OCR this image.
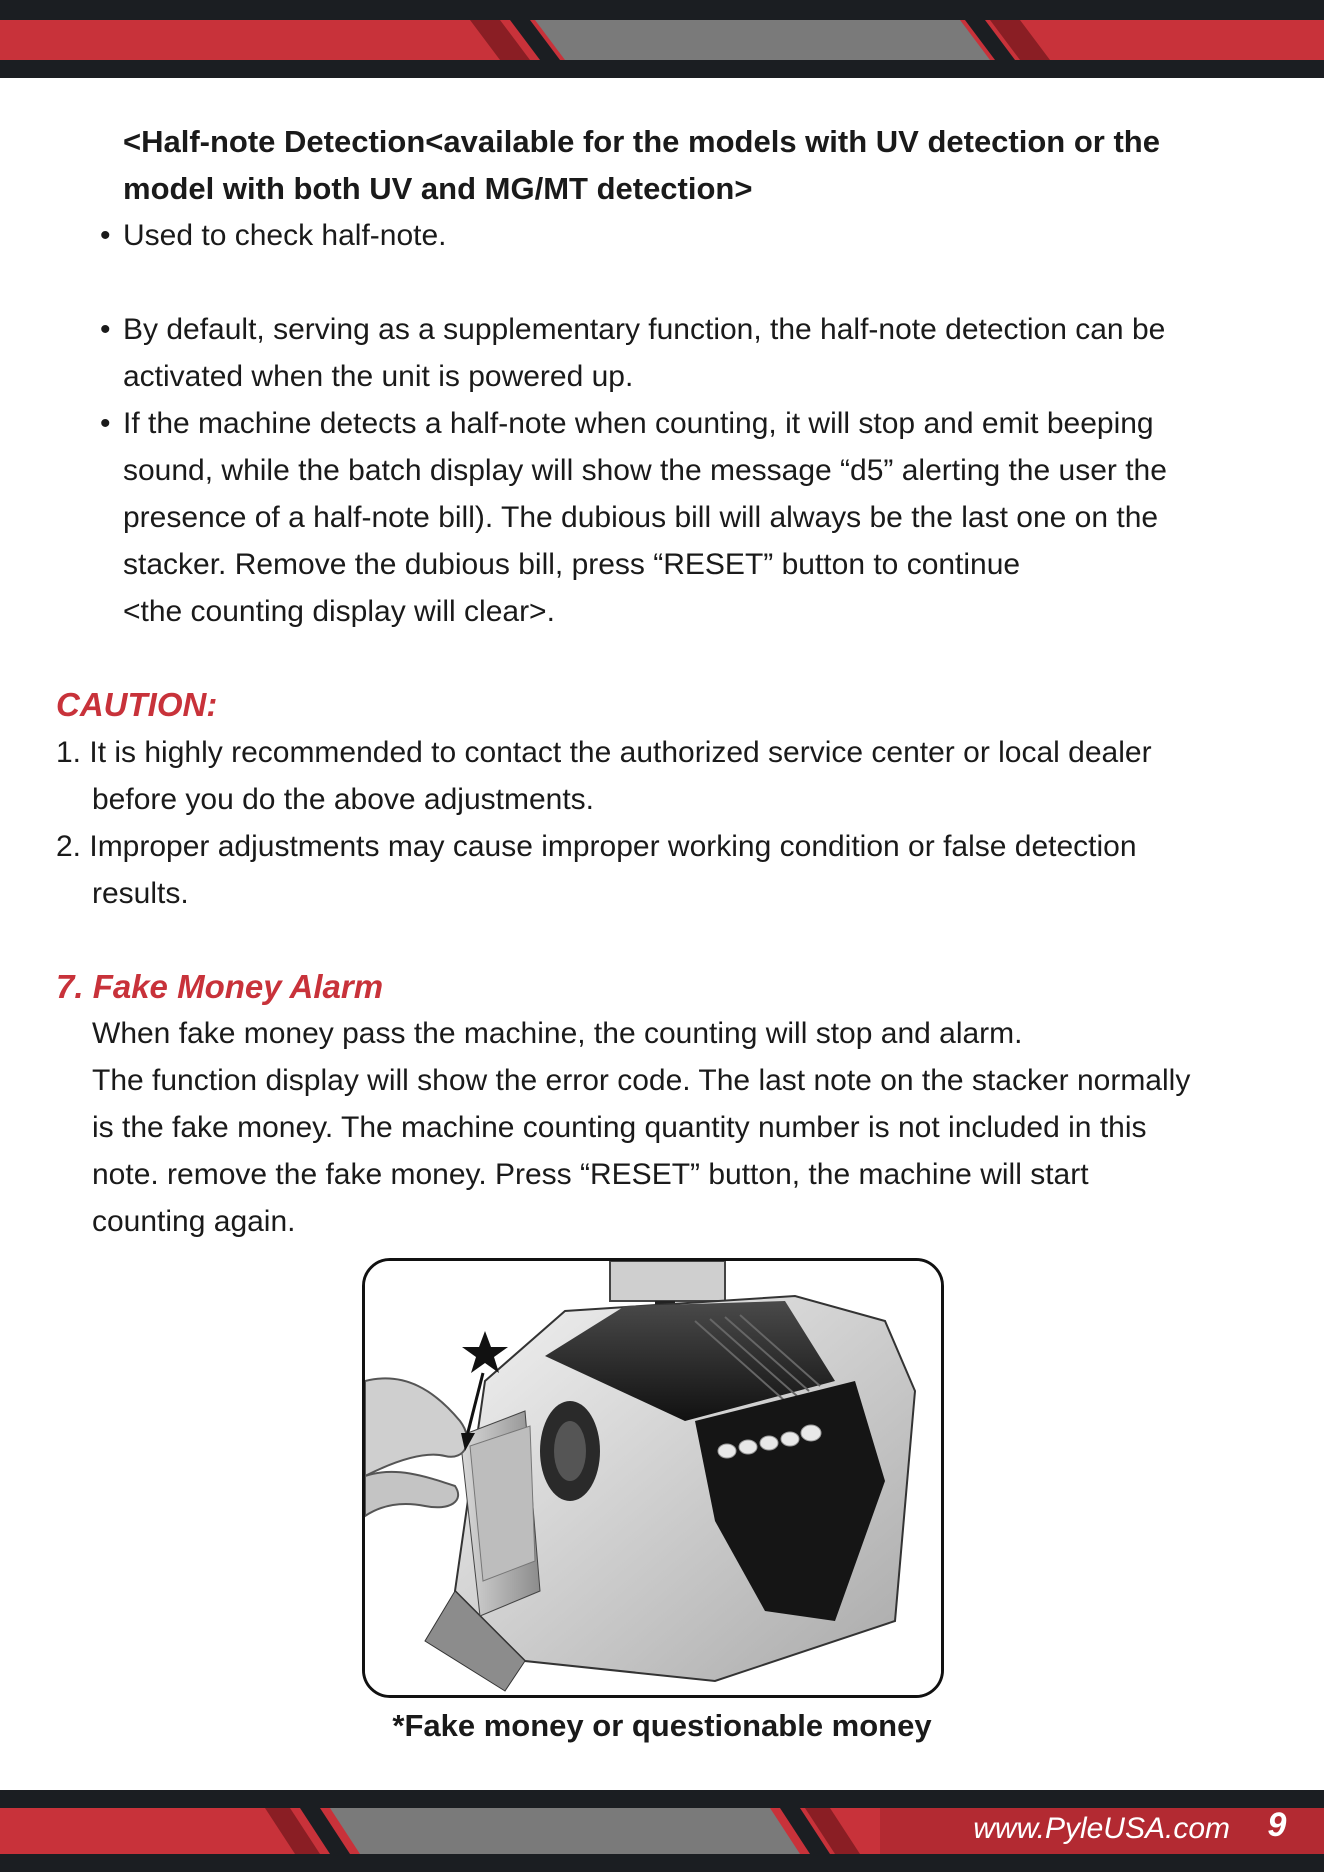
<Half-note Detection<available for the models with UV detection or the
model with both UV and MG/MT detection>
• Used to check half-note.
• By default, serving as a supplementary function, the half-note detection can be
activated when the unit is powered up.
• If the machine detects a half-note when counting, it will stop and emit beeping
sound, while the batch display will show the message “d5” alerting the user the
presence of a half-note bill). The dubious bill will always be the last one on the
stacker. Remove the dubious bill, press “RESET” button to continue
<the counting display will clear>.
CAUTION:
1. It is highly recommended to contact the authorized service center or local dealer
before you do the above adjustments.
2. Improper adjustments may cause improper working condition or false detection
results.
7. Fake Money Alarm
When fake money pass the machine, the counting will stop and alarm.
The function display will show the error code. The last note on the stacker normally
is the fake money. The machine counting quantity number is not included in this
note. remove the fake money. Press “RESET” button, the machine will start
counting again.
*Fake money or questionable money
www.PyleUSA.com	9
